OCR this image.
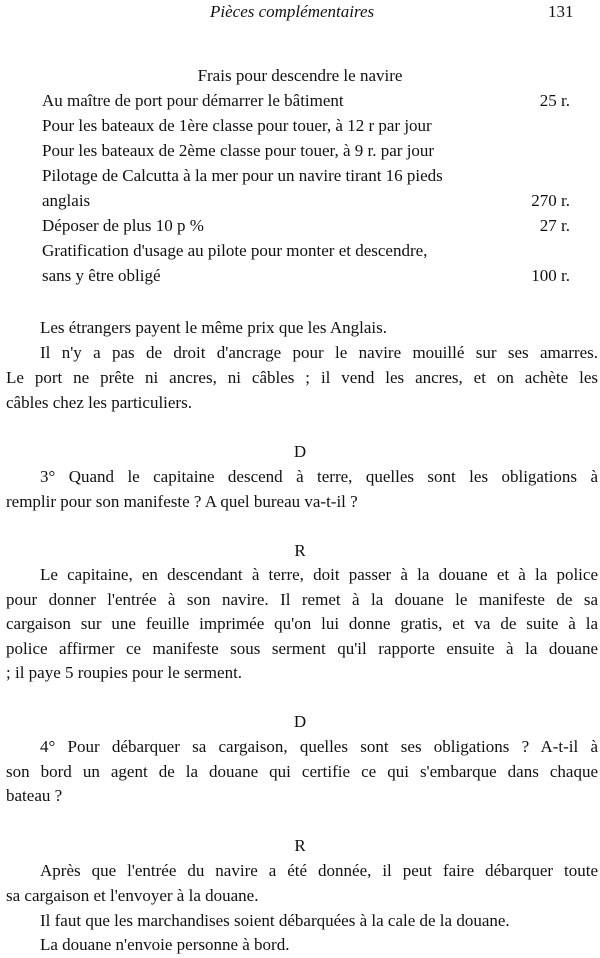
Pièces complémentaires	131
Frais pour descendre le navire
Au maître de port pour démarrer le bâtiment	25 r.
Pour les bateaux de 1ère classe pour touer, à 12 r par jour
Pour les bateaux de 2ème classe pour touer, à 9 r. par jour
Pilotage de Calcutta à la mer pour un navire tirant 16 pieds
anglais	270 r.
Déposer de plus 10 p %	27 r.
Gratification d'usage au pilote pour monter et descendre,
sans y être obligé	100 r.
Les étrangers payent le même prix que les Anglais.
Il n'y a pas de droit d'ancrage pour le navire mouillé sur ses amarres.
Le port ne prête ni ancres, ni câbles ; il vend les ancres, et on achète les
câbles chez les particuliers.
D
3° Quand le capitaine descend à terre, quelles sont les obligations à
remplir pour son manifeste ? A quel bureau va-t-il ?
R
Le capitaine, en descendant à terre, doit passer à la douane et à la police
pour donner l'entrée à son navire. Il remet à la douane le manifeste de sa
cargaison sur une feuille imprimée qu'on lui donne gratis, et va de suite à la
police affirmer ce manifeste sous serment qu'il rapporte ensuite à la douane
; il paye 5 roupies pour le serment.
D
4° Pour débarquer sa cargaison, quelles sont ses obligations ? A-t-il à
son bord un agent de la douane qui certifie ce qui s'embarque dans chaque
bateau ?
R
Après que l'entrée du navire a été donnée, il peut faire débarquer toute
sa cargaison et l'envoyer à la douane.
Il faut que les marchandises soient débarquées à la cale de la douane.
La douane n'envoie personne à bord.
